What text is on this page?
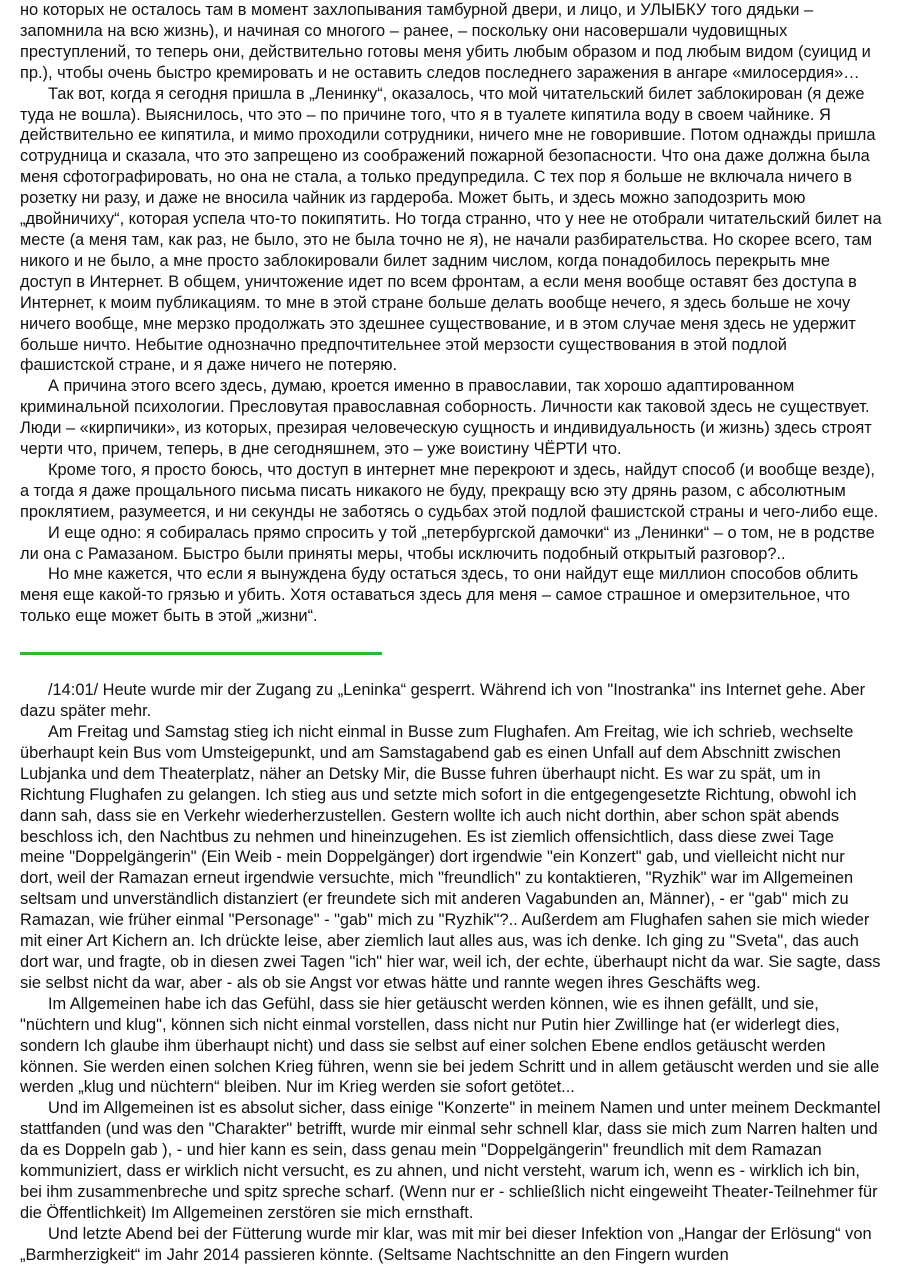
но которых не осталось там в момент захлопывания тамбурной двери, и лицо, и УЛЫБКУ того дядьки – запомнила на всю жизнь), и начиная со многого – ранее, – поскольку они насовершали чудовищных преступлений, то теперь они, действительно готовы меня убить любым образом и под любым видом (суицид и пр.), чтобы очень быстро кремировать и не оставить следов последнего заражения в ангаре «милосердия»…

Так вот, когда я сегодня пришла в „Ленинку“, оказалось, что мой читательский билет заблокирован (я деже туда не вошла). Выяснилось, что это – по причине того, что я в туалете кипятила воду в своем чайнике. Я действительно ее кипятила, и мимо проходили сотрудники, ничего мне не говорившие. Потом однажды пришла сотрудница и сказала, что это запрещено из соображений пожарной безопасности. Что она даже должна была меня сфотографировать, но она не стала, а только предупредила. С тех пор я больше не включала ничего в розетку ни разу, и даже не вносила чайник из гардероба. Может быть, и здесь можно заподозрить мою „двойничиху“, которая успела что-то покипятить. Но тогда странно, что у нее не отобрали читательский билет на месте (а меня там, как раз, не было, это не была точно не я), не начали разбирательства. Но скорее всего, там никого и не было, а мне просто заблокировали билет задним числом, когда понадобилось перекрыть мне доступ в Интернет. В общем, уничтожение идет по всем фронтам, а если меня вообще оставят без доступа в Интернет, к моим публикациям. то мне в этой стране больше делать вообще нечего, я здесь больше не хочу ничего вообще, мне мерзко продолжать это здешнее существование, и в этом случае меня здесь не удержит больше ничто. Небытие однозначно предпочтительнее этой мерзости существования в этой подлой фашистской стране, и я даже ничего не потеряю.

А причина этого всего здесь, думаю, кроется именно в православии, так хорошо адаптированном криминальной психологии. Пресловутая православная соборность. Личности как таковой здесь не существует. Люди – «кирпичики», из которых, презирая человеческую сущность и индивидуальность (и жизнь) здесь строят черти что, причем, теперь, в дне сегодняшнем, это – уже воистину ЧЁРТИ что.

Кроме того, я просто боюсь, что доступ в интернет мне перекроют и здесь, найдут способ (и вообще везде), а тогда я даже прощального письма писать никакого не буду, прекращу всю эту дрянь разом, с абсолютным проклятием, разумеется, и ни секунды не заботясь о судьбах этой подлой фашистской страны и чего-либо еще.

И еще одно: я собиралась прямо спросить у той „петербургской дамочки“ из „Ленинки“ – о том, не в родстве ли она с Рамазаном. Быстро были приняты меры, чтобы исключить подобный открытый разговор?..

Но мне кажется, что если я вынуждена буду остаться здесь, то они найдут еще миллион способов облить меня еще какой-то грязью и убить. Хотя оставаться здесь для меня – самое страшное и омерзительное, что только еще может быть в этой „жизни“.

/14:01/ Heute wurde mir der Zugang zu „Leninka“ gesperrt. Während ich von "Inostranka" ins Internet gehe. Aber dazu später mehr.

Am Freitag und Samstag stieg ich nicht einmal in Busse zum Flughafen. Am Freitag, wie ich schrieb, wechselte überhaupt kein Bus vom Umsteigepunkt, und am Samstagabend gab es einen Unfall auf dem Abschnitt zwischen Lubjanka und dem Theaterplatz, näher an Detsky Mir, die Busse fuhren überhaupt nicht. Es war zu spät, um in Richtung Flughafen zu gelangen. Ich stieg aus und setzte mich sofort in die entgegengesetzte Richtung, obwohl ich dann sah, dass sie en Verkehr wiederherzustellen. Gestern wollte ich auch nicht dorthin, aber schon spät abends beschloss ich, den Nachtbus zu nehmen und hineinzugehen. Es ist ziemlich offensichtlich, dass diese zwei Tage meine "Doppelgängerin" (Ein Weib - mein Doppelgänger) dort irgendwie "ein Konzert" gab, und vielleicht nicht nur dort, weil der Ramazan erneut irgendwie versuchte, mich "freundlich" zu kontaktieren, "Ryzhik" war im Allgemeinen seltsam und unverständlich distanziert (er freundete sich mit anderen Vagabunden an, Männer), - er "gab" mich zu Ramazan, wie früher einmal "Personage" - "gab" mich zu "Ryzhik"?.. Außerdem am Flughafen sahen sie mich wieder mit einer Art Kichern an. Ich drückte leise, aber ziemlich laut alles aus, was ich denke. Ich ging zu "Sveta", das auch dort war, und fragte, ob in diesen zwei Tagen "ich" hier war, weil ich, der echte, überhaupt nicht da war. Sie sagte, dass sie selbst nicht da war, aber - als ob sie Angst vor etwas hätte und rannte wegen ihres Geschäfts weg.

Im Allgemeinen habe ich das Gefühl, dass sie hier getäuscht werden können, wie es ihnen gefällt, und sie, "nüchtern und klug", können sich nicht einmal vorstellen, dass nicht nur Putin hier Zwillinge hat (er widerlegt dies, sondern Ich glaube ihm überhaupt nicht) und dass sie selbst auf einer solchen Ebene endlos getäuscht werden können. Sie werden einen solchen Krieg führen, wenn sie bei jedem Schritt und in allem getäuscht werden und sie alle werden „klug und nüchtern“ bleiben. Nur im Krieg werden sie sofort getötet...

Und im Allgemeinen ist es absolut sicher, dass einige "Konzerte" in meinem Namen und unter meinem Deckmantel stattfanden (und was den "Charakter" betrifft, wurde mir einmal sehr schnell klar, dass sie mich zum Narren halten und da es Doppeln gab ), - und hier kann es sein, dass genau mein "Doppelgängerin" freundlich mit dem Ramazan kommuniziert, dass er wirklich nicht versucht, es zu ahnen, und nicht versteht, warum ich, wenn es - wirklich ich bin, bei ihm zusammenbreche und spitz spreche scharf. (Wenn nur er - schließlich nicht eingeweiht Theater-Teilnehmer für die Öffentlichkeit) Im Allgemeinen zerstören sie mich ernsthaft.

Und letzte Abend bei der Fütterung wurde mir klar, was mit mir bei dieser Infektion von „Hangar der Erlösung“ von „Barmherzigkeit“ im Jahr 2014 passieren könnte. (Seltsame Nachtschnitte an den Fingern wurden
